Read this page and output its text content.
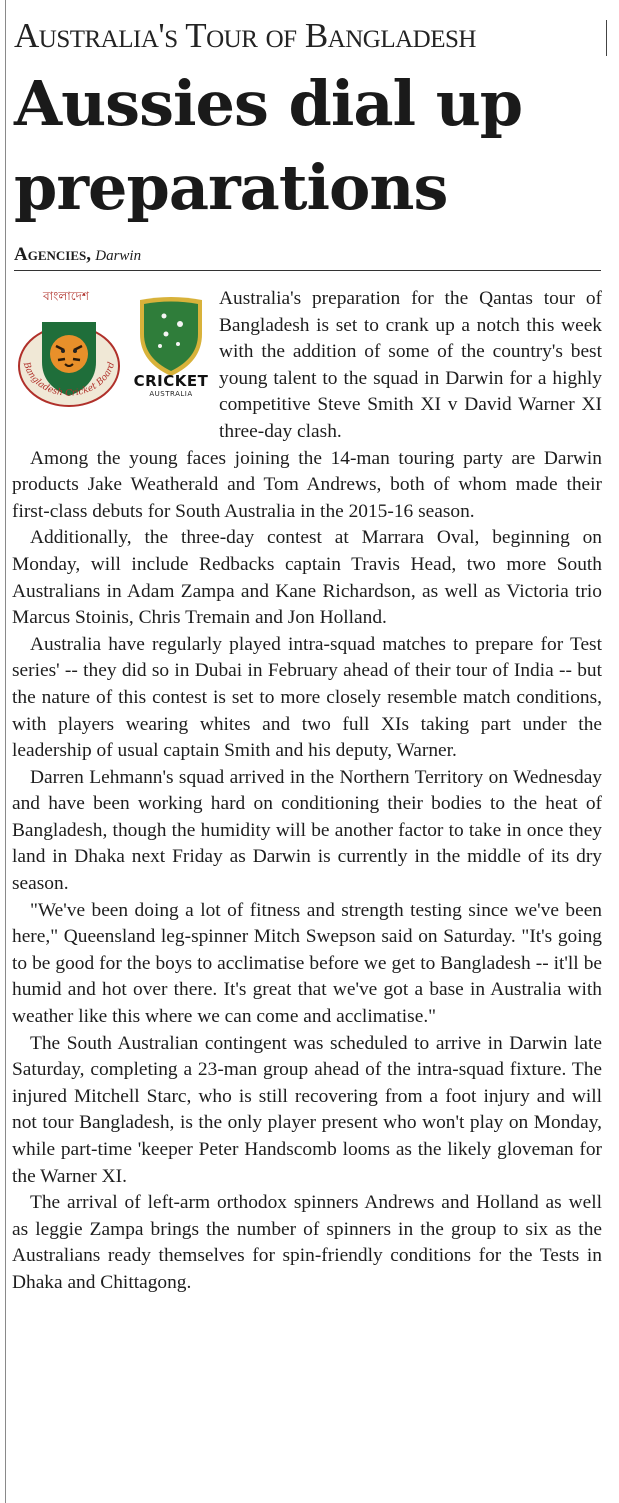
Australia's Tour of Bangladesh
Aussies dial up preparations
Agencies, Darwin
বাংলাদেশ
Bangladesh Cricket Board
CRICKET
AUSTRALIA

Australia's preparation for the Qantas tour of Bangladesh is set to crank up a notch this week with the addition of some of the country's best young talent to the squad in Darwin for a highly competitive Steve Smith XI v David Warner XI three-day clash.

Among the young faces joining the 14-man touring party are Darwin products Jake Weatherald and Tom Andrews, both of whom made their first-class debuts for South Australia in the 2015-16 season.

Additionally, the three-day contest at Marrara Oval, beginning on Monday, will include Redbacks captain Travis Head, two more South Australians in Adam Zampa and Kane Richardson, as well as Victoria trio Marcus Stoinis, Chris Tremain and Jon Holland.

Australia have regularly played intra-squad matches to prepare for Test series' -- they did so in Dubai in February ahead of their tour of India -- but the nature of this contest is set to more closely resemble match conditions, with players wearing whites and two full XIs taking part under the leadership of usual captain Smith and his deputy, Warner.

Darren Lehmann's squad arrived in the Northern Territory on Wednesday and have been working hard on conditioning their bodies to the heat of Bangladesh, though the humidity will be another factor to take in once they land in Dhaka next Friday as Darwin is currently in the middle of its dry season.

"We've been doing a lot of fitness and strength testing since we've been here," Queensland leg-spinner Mitch Swepson said on Saturday. "It's going to be good for the boys to acclimatise before we get to Bangladesh -- it'll be humid and hot over there. It's great that we've got a base in Australia with weather like this where we can come and acclimatise."

The South Australian contingent was scheduled to arrive in Darwin late Saturday, completing a 23-man group ahead of the intra-squad fixture. The injured Mitchell Starc, who is still recovering from a foot injury and will not tour Bangladesh, is the only player present who won't play on Monday, while part-time 'keeper Peter Handscomb looms as the likely gloveman for the Warner XI.

The arrival of left-arm orthodox spinners Andrews and Holland as well as leggie Zampa brings the number of spinners in the group to six as the Australians ready themselves for spin-friendly conditions for the Tests in Dhaka and Chittagong.
